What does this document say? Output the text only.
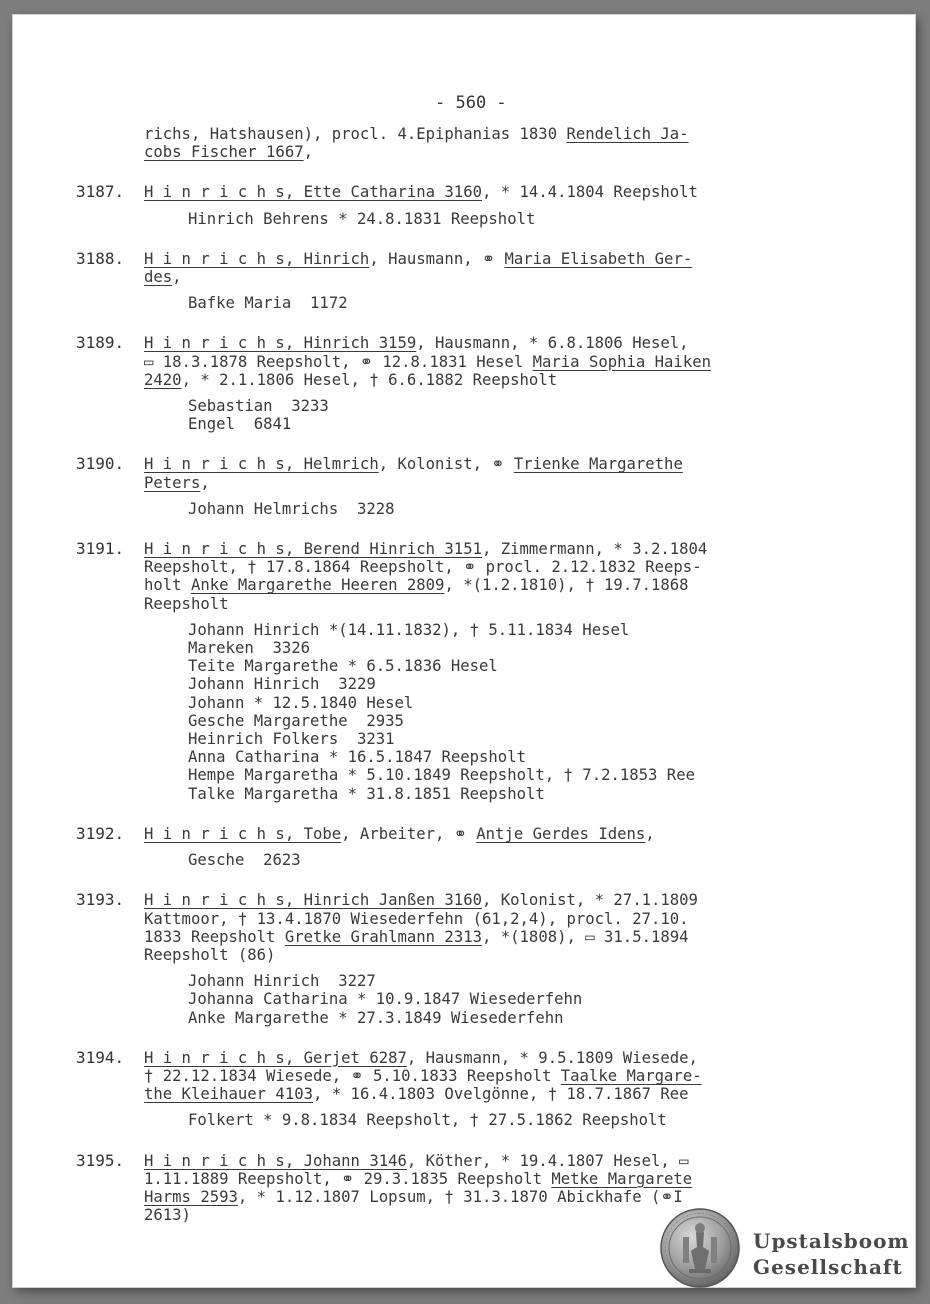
- 560 -
richs, Hatshausen), procl. 4.Epiphanias 1830 Rendelich Ja-
cobs Fischer 1667,
3187.	H i n r i c h s, Ette Catharina 3160, * 14.4.1804 Reepsholt
Hinrich Behrens * 24.8.1831 Reepsholt
3188.	H i n r i c h s, Hinrich, Hausmann, ⚭ Maria Elisabeth Ger-
des,
Bafke Maria  1172
3189.	H i n r i c h s, Hinrich 3159, Hausmann, * 6.8.1806 Hesel,
▭ 18.3.1878 Reepsholt, ⚭ 12.8.1831 Hesel Maria Sophia Haiken
2420, * 2.1.1806 Hesel, † 6.6.1882 Reepsholt
Sebastian  3233
Engel  6841
3190.	H i n r i c h s, Helmrich, Kolonist, ⚭ Trienke Margarethe
Peters,
Johann Helmrichs  3228
3191.	H i n r i c h s, Berend Hinrich 3151, Zimmermann, * 3.2.1804
Reepsholt, † 17.8.1864 Reepsholt, ⚭ procl. 2.12.1832 Reeps-
holt Anke Margarethe Heeren 2809, *(1.2.1810), † 19.7.1868
Reepsholt
Johann Hinrich *(14.11.1832), † 5.11.1834 Hesel
Mareken  3326
Teite Margarethe * 6.5.1836 Hesel
Johann Hinrich  3229
Johann * 12.5.1840 Hesel
Gesche Margarethe  2935
Heinrich Folkers  3231
Anna Catharina * 16.5.1847 Reepsholt
Hempe Margaretha * 5.10.1849 Reepsholt, † 7.2.1853 Ree
Talke Margaretha * 31.8.1851 Reepsholt
3192.	H i n r i c h s, Tobe, Arbeiter, ⚭ Antje Gerdes Idens,
Gesche  2623
3193.	H i n r i c h s, Hinrich Janßen 3160, Kolonist, * 27.1.1809
Kattmoor, † 13.4.1870 Wiesederfehn (61,2,4), procl. 27.10.
1833 Reepsholt Gretke Grahlmann 2313, *(1808), ▭ 31.5.1894
Reepsholt (86)
Johann Hinrich  3227
Johanna Catharina * 10.9.1847 Wiesederfehn
Anke Margarethe * 27.3.1849 Wiesederfehn
3194.	H i n r i c h s, Gerjet 6287, Hausmann, * 9.5.1809 Wiesede,
† 22.12.1834 Wiesede, ⚭ 5.10.1833 Reepsholt Taalke Margare-
the Kleihauer 4103, * 16.4.1803 Ovelgönne, † 18.7.1867 Ree
Folkert * 9.8.1834 Reepsholt, † 27.5.1862 Reepsholt
3195.	H i n r i c h s, Johann 3146, Köther, * 19.4.1807 Hesel, ▭
1.11.1889 Reepsholt, ⚭ 29.3.1835 Reepsholt Metke Margarete
Harms 2593, * 1.12.1807 Lopsum, † 31.3.1870 Abickhafe (⚭I
2613)
Upstalsboom
Gesellschaft
